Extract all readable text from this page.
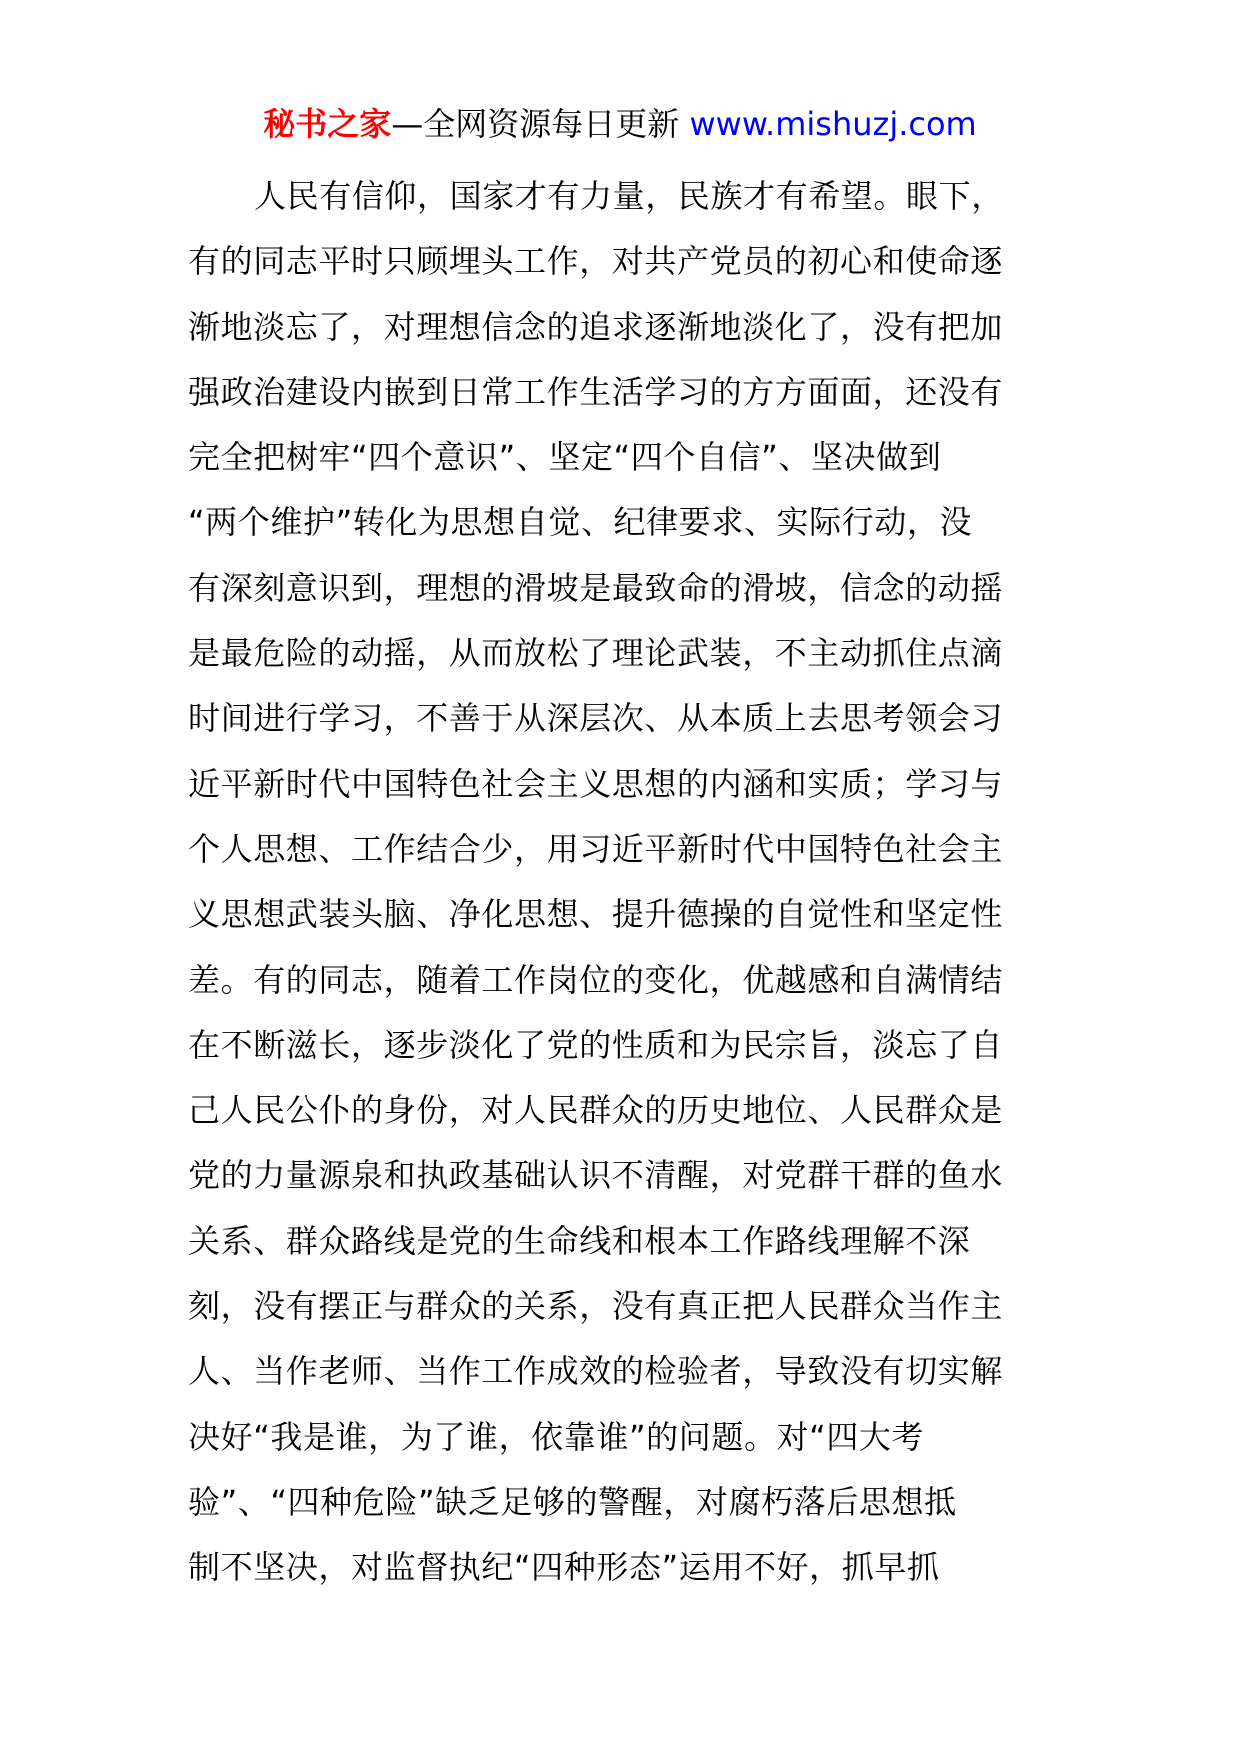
秘书之家—全网资源每日更新 www.mishuzj.com
人民有信仰，国家才有力量，民族才有希望。眼下，
有的同志平时只顾埋头工作，对共产党员的初心和使命逐
渐地淡忘了，对理想信念的追求逐渐地淡化了，没有把加
强政治建设内嵌到日常工作生活学习的方方面面，还没有
完全把树牢“四个意识”、坚定“四个自信”、坚决做到
“两个维护”转化为思想自觉、纪律要求、实际行动，没
有深刻意识到，理想的滑坡是最致命的滑坡，信念的动摇
是最危险的动摇，从而放松了理论武装，不主动抓住点滴
时间进行学习，不善于从深层次、从本质上去思考领会习
近平新时代中国特色社会主义思想的内涵和实质；学习与
个人思想、工作结合少，用习近平新时代中国特色社会主
义思想武装头脑、净化思想、提升德操的自觉性和坚定性
差。有的同志，随着工作岗位的变化，优越感和自满情结
在不断滋长，逐步淡化了党的性质和为民宗旨，淡忘了自
己人民公仆的身份，对人民群众的历史地位、人民群众是
党的力量源泉和执政基础认识不清醒，对党群干群的鱼水
关系、群众路线是党的生命线和根本工作路线理解不深
刻，没有摆正与群众的关系，没有真正把人民群众当作主
人、当作老师、当作工作成效的检验者，导致没有切实解
决好“我是谁，为了谁，依靠谁”的问题。对“四大考
验”、“四种危险”缺乏足够的警醒，对腐朽落后思想抵
制不坚决，对监督执纪“四种形态”运用不好，抓早抓
